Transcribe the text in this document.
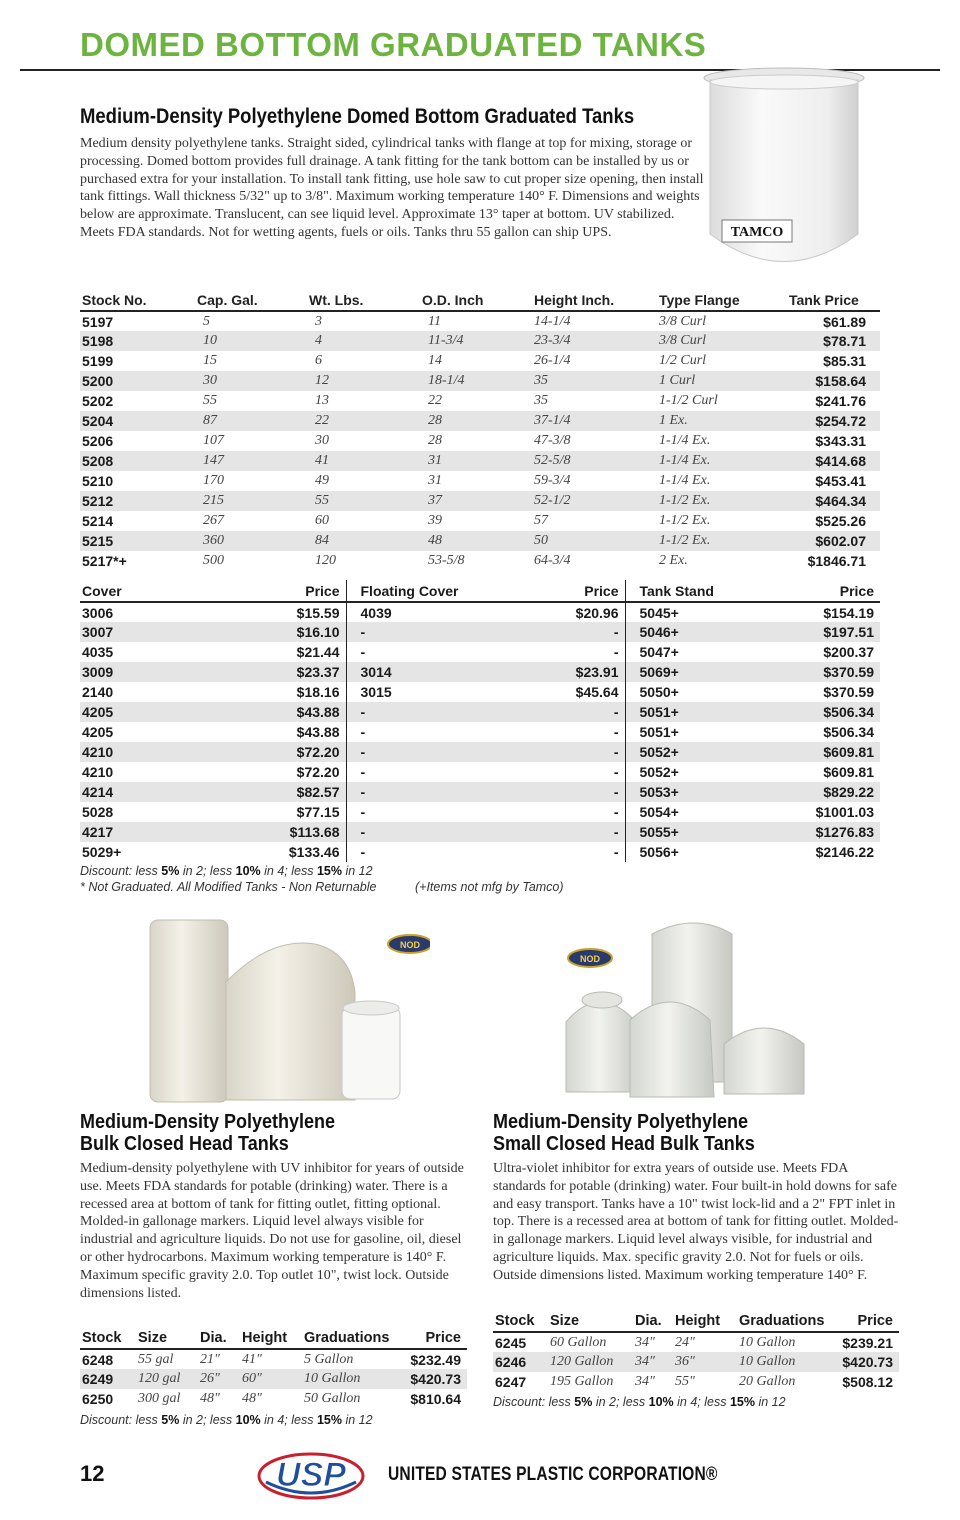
DOMED BOTTOM GRADUATED TANKS
Medium-Density Polyethylene Domed Bottom Graduated Tanks
Medium density polyethylene tanks. Straight sided, cylindrical tanks with flange at top for mixing, storage or processing. Domed bottom provides full drainage. A tank fitting for the tank bottom can be installed by us or purchased extra for your installation. To install tank fitting, use hole saw to cut proper size opening, then install tank fittings. Wall thickness 5/32" up to 3/8". Maximum working temperature 140° F. Dimensions and weights below are approximate. Translucent, can see liquid level. Approximate 13° taper at bottom. UV stabilized. Meets FDA standards. Not for wetting agents, fuels or oils. Tanks thru 55 gallon can ship UPS.	TAMCO
Stock No.	Cap. Gal.	Wt. Lbs.	O.D. Inch	Height Inch.	Type Flange	Tank Price
5197	5	3	11	14-1/4	3/8 Curl	$61.89
5198	10	4	11-3/4	23-3/4	3/8 Curl	$78.71
5199	15	6	14	26-1/4	1/2 Curl	$85.31
5200	30	12	18-1/4	35	1 Curl	$158.64
5202	55	13	22	35	1-1/2 Curl	$241.76
5204	87	22	28	37-1/4	1 Ex.	$254.72
5206	107	30	28	47-3/8	1-1/4 Ex.	$343.31
5208	147	41	31	52-5/8	1-1/4 Ex.	$414.68
5210	170	49	31	59-3/4	1-1/4 Ex.	$453.41
5212	215	55	37	52-1/2	1-1/2 Ex.	$464.34
5214	267	60	39	57	1-1/2 Ex.	$525.26
5215	360	84	48	50	1-1/2 Ex.	$602.07
5217*+	500	120	53-5/8	64-3/4	2 Ex.	$1846.71
Cover	Price	Floating Cover	Price	Tank Stand	Price
3006	$15.59	4039	$20.96	5045+	$154.19
3007	$16.10	-	-	5046+	$197.51
4035	$21.44	-	-	5047+	$200.37
3009	$23.37	3014	$23.91	5069+	$370.59
2140	$18.16	3015	$45.64	5050+	$370.59
4205	$43.88	-	-	5051+	$506.34
4205	$43.88	-	-	5051+	$506.34
4210	$72.20	-	-	5052+	$609.81
4210	$72.20	-	-	5052+	$609.81
4214	$82.57	-	-	5053+	$829.22
5028	$77.15	-	-	5054+	$1001.03
4217	$113.68	-	-	5055+	$1276.83
5029+	$133.46	-	-	5056+	$2146.22
Discount: less 5% in 2; less 10% in 4; less 15% in 12
* Not Graduated. All Modified Tanks - Non Returnable	(+Items not mfg by Tamco)
NOD
NOD
Medium-Density Polyethylene
Bulk Closed Head Tanks
Medium-density polyethylene with UV inhibitor for years of outside use. Meets FDA standards for potable (drinking) water. There is a recessed area at bottom of tank for fitting outlet, fitting optional. Molded-in gallonage markers. Liquid level always visible for industrial and agriculture liquids. Do not use for gasoline, oil, diesel or other hydrocarbons. Maximum working temperature is 140° F. Maximum specific gravity 2.0. Top outlet 10", twist lock. Outside dimensions listed.
Stock	Size	Dia.	Height	Graduations	Price
6248	55 gal	21"	41"	5 Gallon	$232.49
6249	120 gal	26"	60"	10 Gallon	$420.73
6250	300 gal	48"	48"	50 Gallon	$810.64
Discount: less 5% in 2; less 10% in 4; less 15% in 12
Medium-Density Polyethylene
Small Closed Head Bulk Tanks
Ultra-violet inhibitor for extra years of outside use. Meets FDA standards for potable (drinking) water. Four built-in hold downs for safe and easy transport. Tanks have a 10" twist lock-lid and a 2" FPT inlet in top. There is a recessed area at bottom of tank for fitting outlet. Molded-in gallonage markers. Liquid level always visible, for industrial and agriculture liquids. Max. specific gravity 2.0. Not for fuels or oils. Outside dimensions listed. Maximum working temperature 140° F.
Stock	Size	Dia.	Height	Graduations	Price
6245	60 Gallon	34"	24"	10 Gallon	$239.21
6246	120 Gallon	34"	36"	10 Gallon	$420.73
6247	195 Gallon	34"	55"	20 Gallon	$508.12
Discount: less 5% in 2; less 10% in 4; less 15% in 12
12	USP UNITED STATES PLASTIC CORPORATION®
